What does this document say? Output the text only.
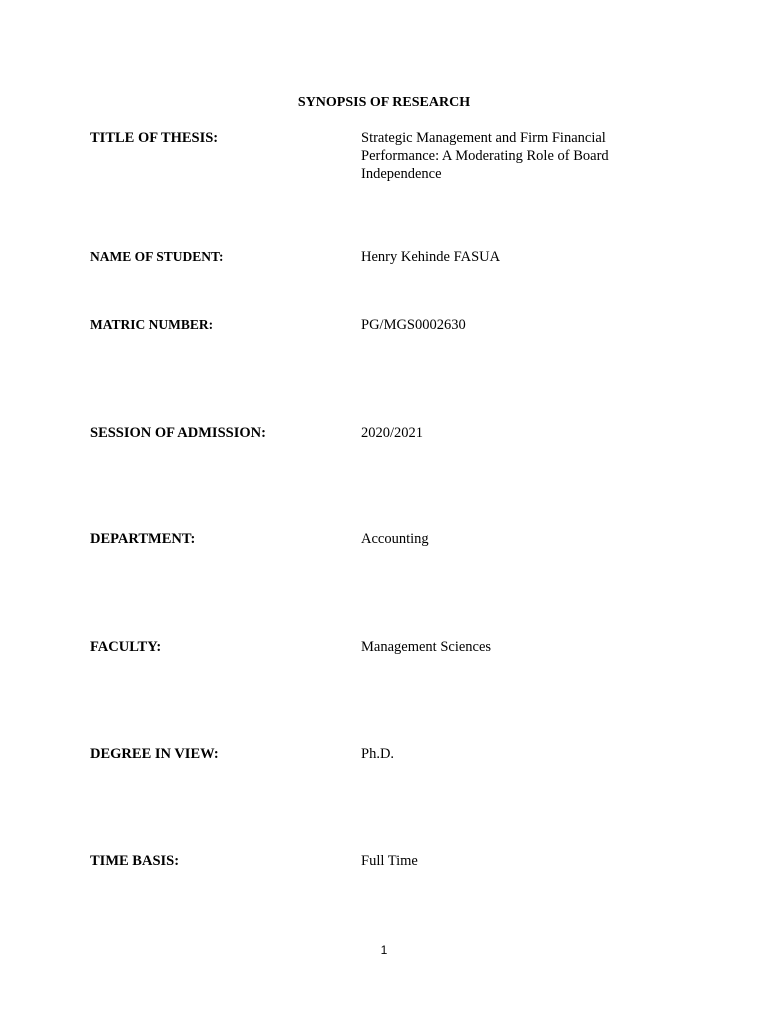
SYNOPSIS OF RESEARCH
TITLE OF THESIS:	Strategic Management and Firm Financial Performance: A Moderating Role of Board Independence
NAME OF STUDENT:	Henry Kehinde FASUA
MATRIC NUMBER:	PG/MGS0002630
SESSION OF ADMISSION:	2020/2021
DEPARTMENT:	Accounting
FACULTY:	Management Sciences
DEGREE IN VIEW:	Ph.D.
TIME BASIS:	Full Time
1
